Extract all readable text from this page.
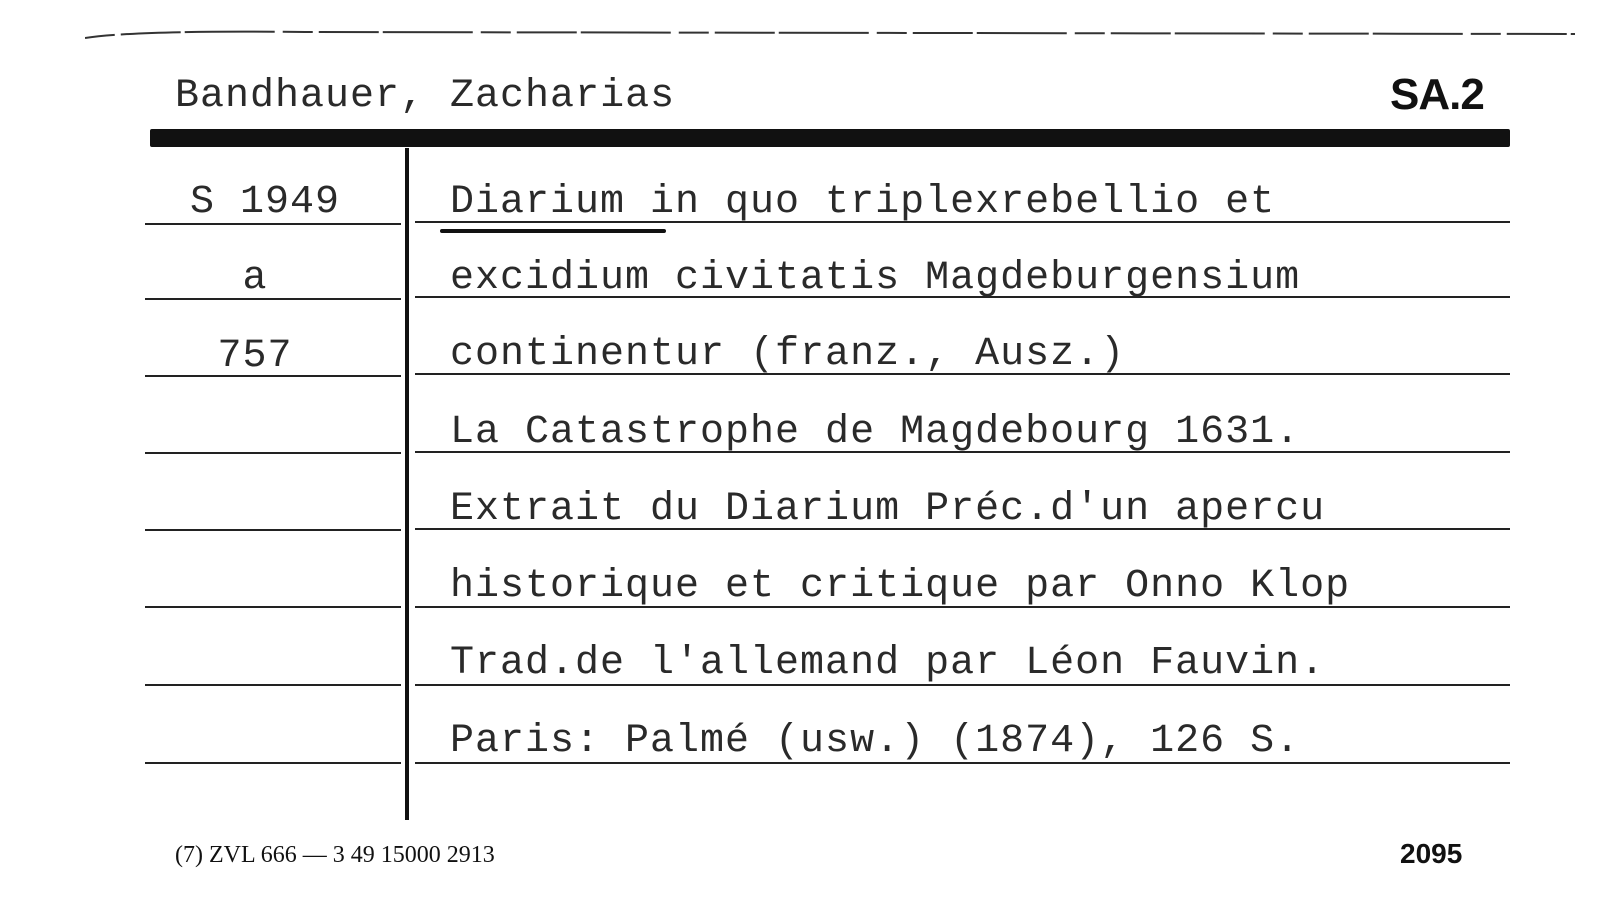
Bandhauer, Zacharias	SA.2
S 1949
a
757
Diarium in quo triplexrebellio et
excidium civitatis Magdeburgensium
continentur (franz., Ausz.)
La Catastrophe de Magdebourg 1631.
Extrait du Diarium Préc.d'un apercu
historique et critique par Onno Klop
Trad.de l'allemand par Léon Fauvin.
Paris: Palmé (usw.) (1874), 126 S.
(7) ZVL 666 — 3 49 15000 2913	2095
